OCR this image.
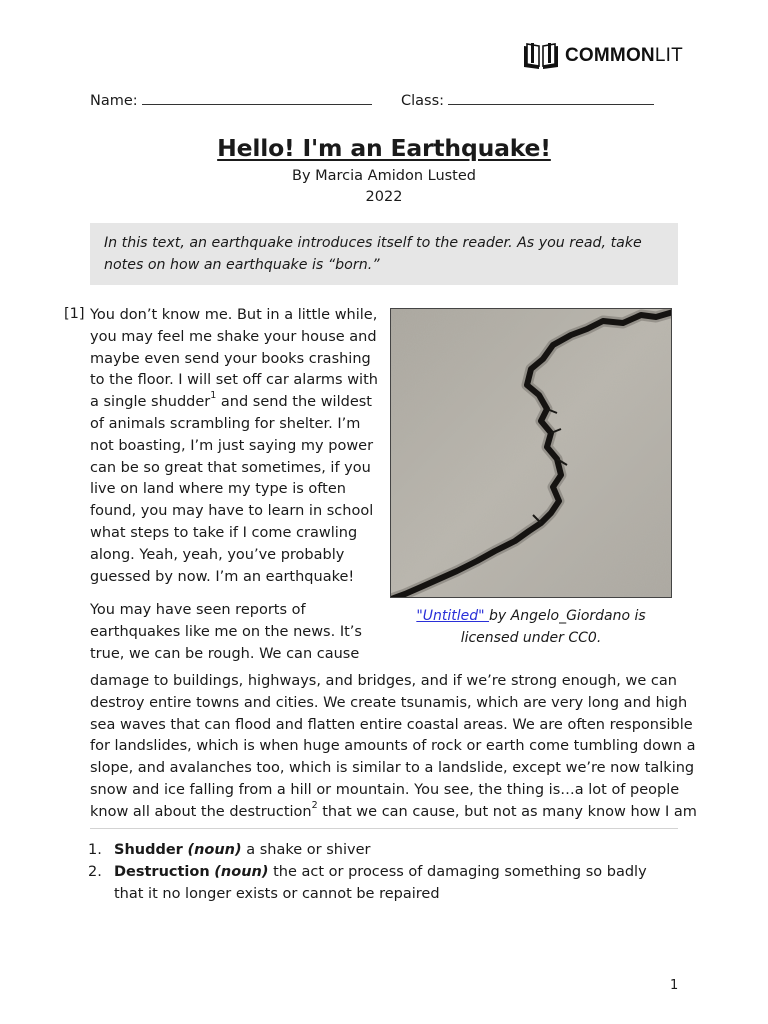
COMMONLIT
Name:	Class:
Hello! I'm an Earthquake!
By Marcia Amidon Lusted
2022
In this text, an earthquake introduces itself to the reader. As you read, take notes on how an earthquake is “born.”
[1] You don’t know me. But in a little while, you may feel me shake your house and maybe even send your books crashing to the floor. I will set off car alarms with a single shudder$^1$ and send the wildest of animals scrambling for shelter. I’m not boasting, I’m just saying my power can be so great that sometimes, if you live on land where my type is often found, you may have to learn in school what steps to take if I come crawling along. Yeah, yeah, you’ve probably guessed by now. I’m an earthquake!

You may have seen reports of earthquakes like me on the news. It’s true, we can be rough. We can cause

"Untitled" by Angelo_Giordano is licensed under CC0.
damage to buildings, highways, and bridges, and if we’re strong enough, we can
destroy entire towns and cities. We create tsunamis, which are very long and high
sea waves that can flood and flatten entire coastal areas. We are often responsible
for landslides, which is when huge amounts of rock or earth come tumbling down a
slope, and avalanches too, which is similar to a landslide, except we’re now talking
snow and ice falling from a hill or mountain. You see, the thing is…a lot of people
know all about the destruction$^2$ that we can cause, but not as many know how I am
1. Shudder (noun) a shake or shiver
2. Destruction (noun) the act or process of damaging something so badly that it no longer exists or cannot be repaired
1
